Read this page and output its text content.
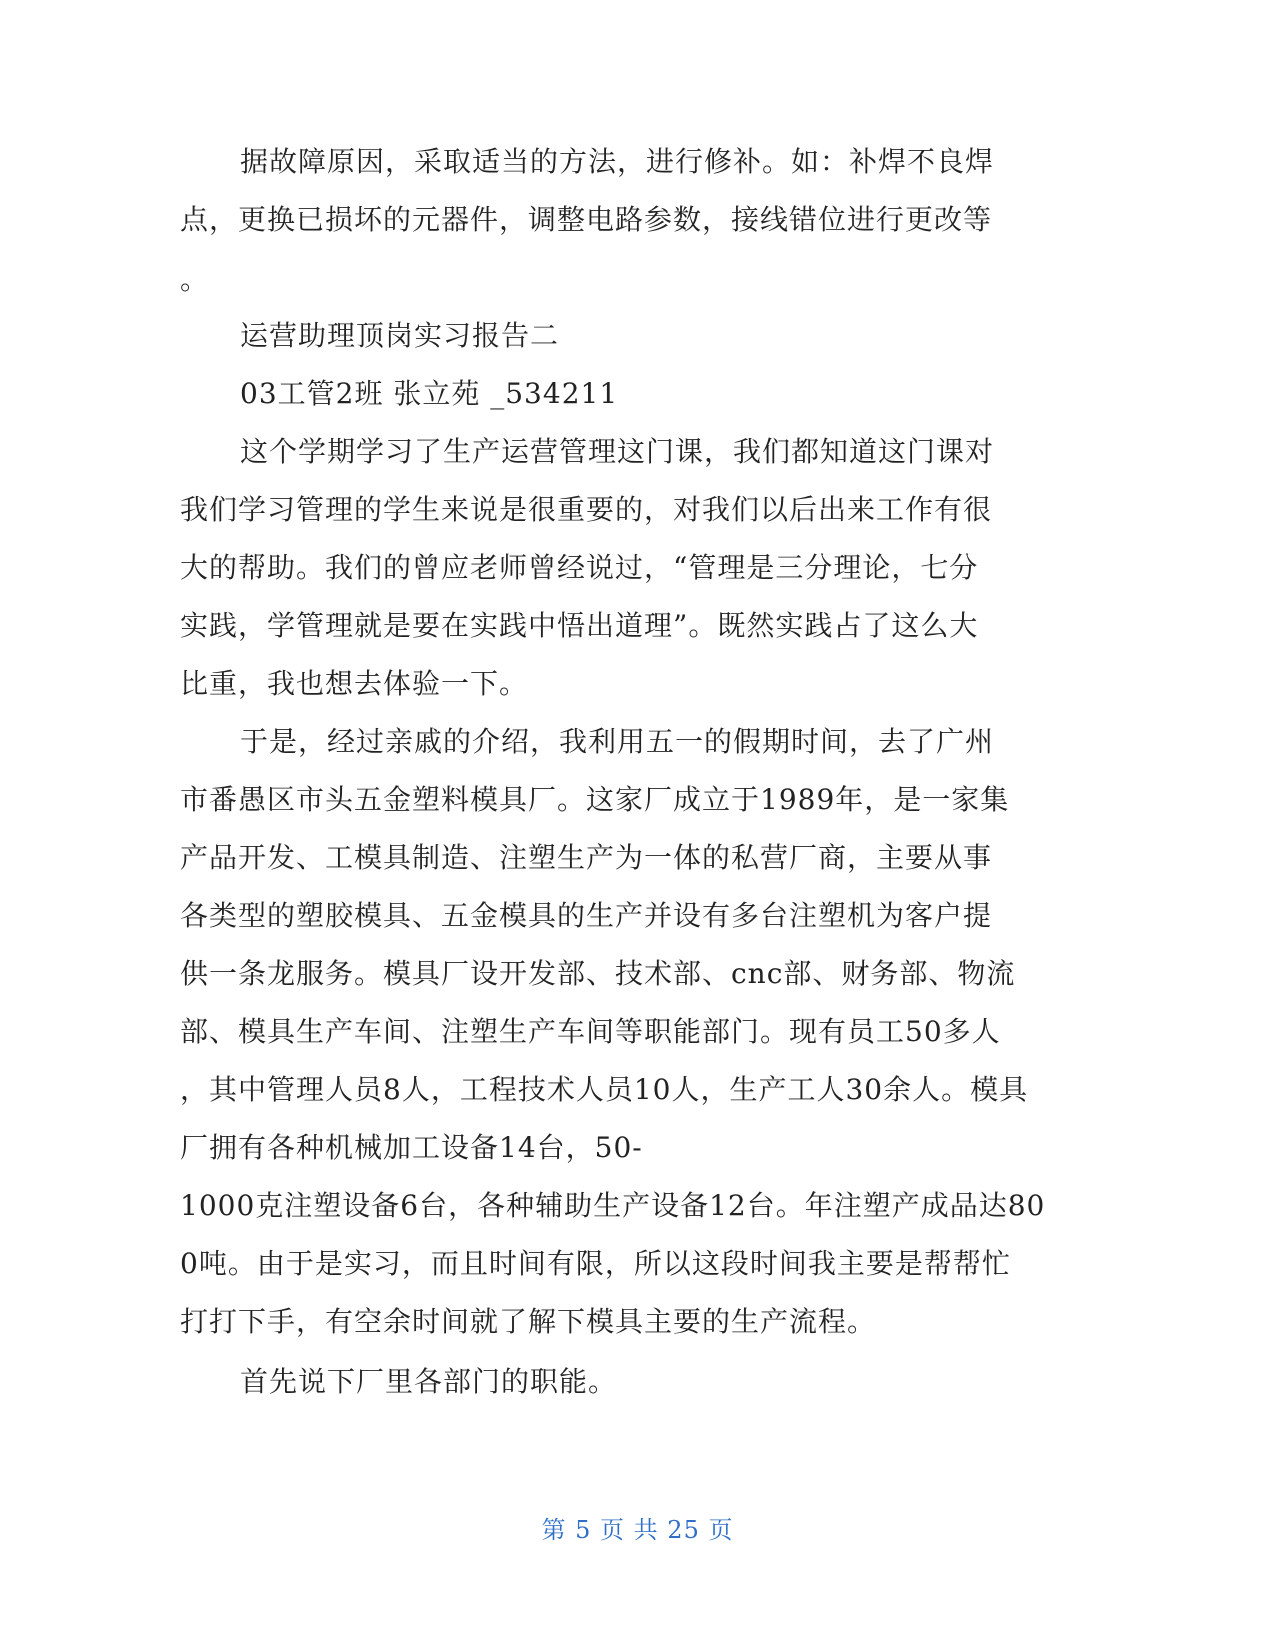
据故障原因，采取适当的方法，进行修补。如：补焊不良焊
点，更换已损坏的元器件，调整电路参数，接线错位进行更改等
。
运营助理顶岗实习报告二
03工管2班 张立苑 _534211
这个学期学习了生产运营管理这门课，我们都知道这门课对
我们学习管理的学生来说是很重要的，对我们以后出来工作有很
大的帮助。我们的曾应老师曾经说过，“管理是三分理论，七分
实践，学管理就是要在实践中悟出道理”。既然实践占了这么大
比重，我也想去体验一下。
于是，经过亲戚的介绍，我利用五一的假期时间，去了广州
市番愚区市头五金塑料模具厂。这家厂成立于1989年，是一家集
产品开发、工模具制造、注塑生产为一体的私营厂商，主要从事
各类型的塑胶模具、五金模具的生产并设有多台注塑机为客户提
供一条龙服务。模具厂设开发部、技术部、cnc部、财务部、物流
部、模具生产车间、注塑生产车间等职能部门。现有员工50多人
，其中管理人员8人，工程技术人员10人，生产工人30余人。模具
厂拥有各种机械加工设备14台，50-
1000克注塑设备6台，各种辅助生产设备12台。年注塑产成品达80
0吨。由于是实习，而且时间有限，所以这段时间我主要是帮帮忙
打打下手，有空余时间就了解下模具主要的生产流程。
首先说下厂里各部门的职能。
第 5 页 共 25 页
